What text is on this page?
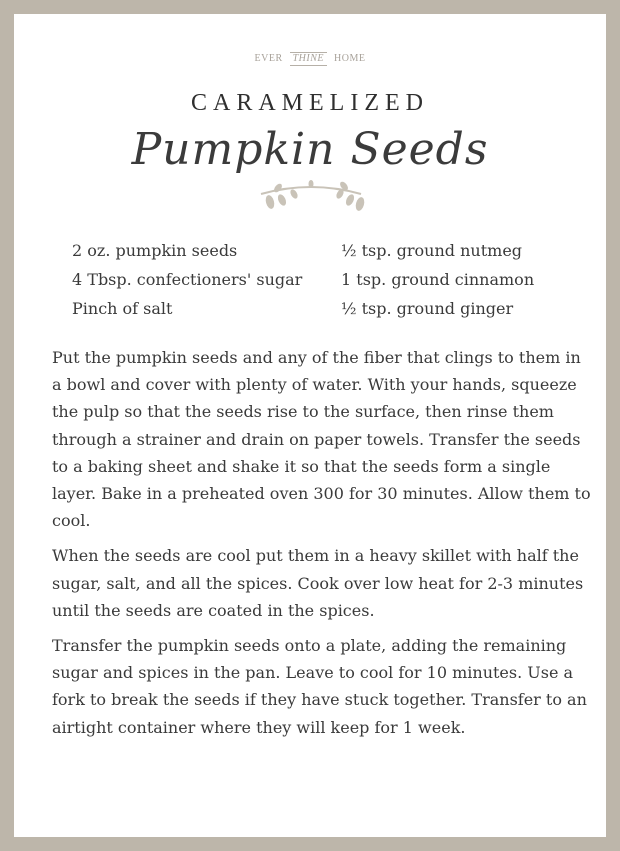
EVER THINE HOME
CARAMELIZED
Pumpkin Seeds
2 oz. pumpkin seeds	½ tsp. ground nutmeg
4 Tbsp. confectioners' sugar	1 tsp. ground cinnamon
Pinch of salt	½ tsp. ground ginger

Put the pumpkin seeds and any of the fiber that clings to them in a bowl and cover with plenty of water. With your hands, squeeze the pulp so that the seeds rise to the surface, then rinse them through a strainer and drain on paper towels. Transfer the seeds to a baking sheet and shake it so that the seeds form a single layer. Bake in a preheated oven 300 for 30 minutes. Allow them to cool.

When the seeds are cool put them in a heavy skillet with half the sugar, salt, and all the spices. Cook over low heat for 2-3 minutes until the seeds are coated in the spices.

Transfer the pumpkin seeds onto a plate, adding the remaining sugar and spices in the pan. Leave to cool for 10 minutes. Use a fork to break the seeds if they have stuck together. Transfer to an airtight container where they will keep for 1 week.
